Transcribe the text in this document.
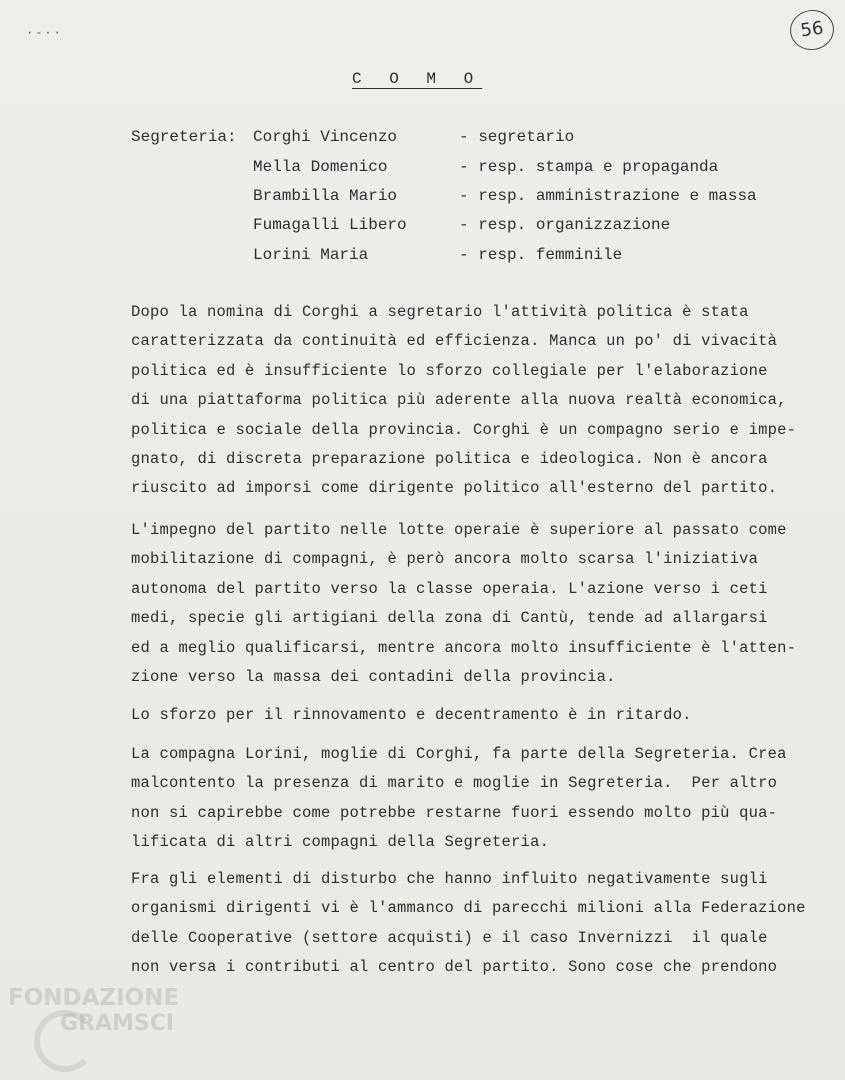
·-··	56
C O M O
Segreteria: Corghi Vincenzo	- segretario
Mella Domenico	- resp. stampa e propaganda
Brambilla Mario	- resp. amministrazione e massa
Fumagalli Libero	- resp. organizzazione
Lorini Maria	- resp. femminile
Dopo la nomina di Corghi a segretario l'attività politica è stata
caratterizzata da continuità ed efficienza. Manca un po' di vivacità
politica ed è insufficiente lo sforzo collegiale per l'elaborazione
di una piattaforma politica più aderente alla nuova realtà economica,
politica e sociale della provincia. Corghi è un compagno serio e impe-
gnato, di discreta preparazione politica e ideologica. Non è ancora
riuscito ad imporsi come dirigente politico all'esterno del partito.
L'impegno del partito nelle lotte operaie è superiore al passato come
mobilitazione di compagni, è però ancora molto scarsa l'iniziativa
autonoma del partito verso la classe operaia. L'azione verso i ceti
medi, specie gli artigiani della zona di Cantù, tende ad allargarsi
ed a meglio qualificarsi, mentre ancora molto insufficiente è l'atten-
zione verso la massa dei contadini della provincia.
Lo sforzo per il rinnovamento e decentramento è in ritardo.
La compagna Lorini, moglie di Corghi, fa parte della Segreteria. Crea
malcontento la presenza di marito e moglie in Segreteria.  Per altro
non si capirebbe come potrebbe restarne fuori essendo molto più qua-
lificata di altri compagni della Segreteria.
Fra gli elementi di disturbo che hanno influito negativamente sugli
organismi dirigenti vi è l'ammanco di parecchi milioni alla Federazione
delle Cooperative (settore acquisti) e il caso Invernizzi  il quale
non versa i contributi al centro del partito. Sono cose che prendono
FONDAZIONE
GRAMSCI
